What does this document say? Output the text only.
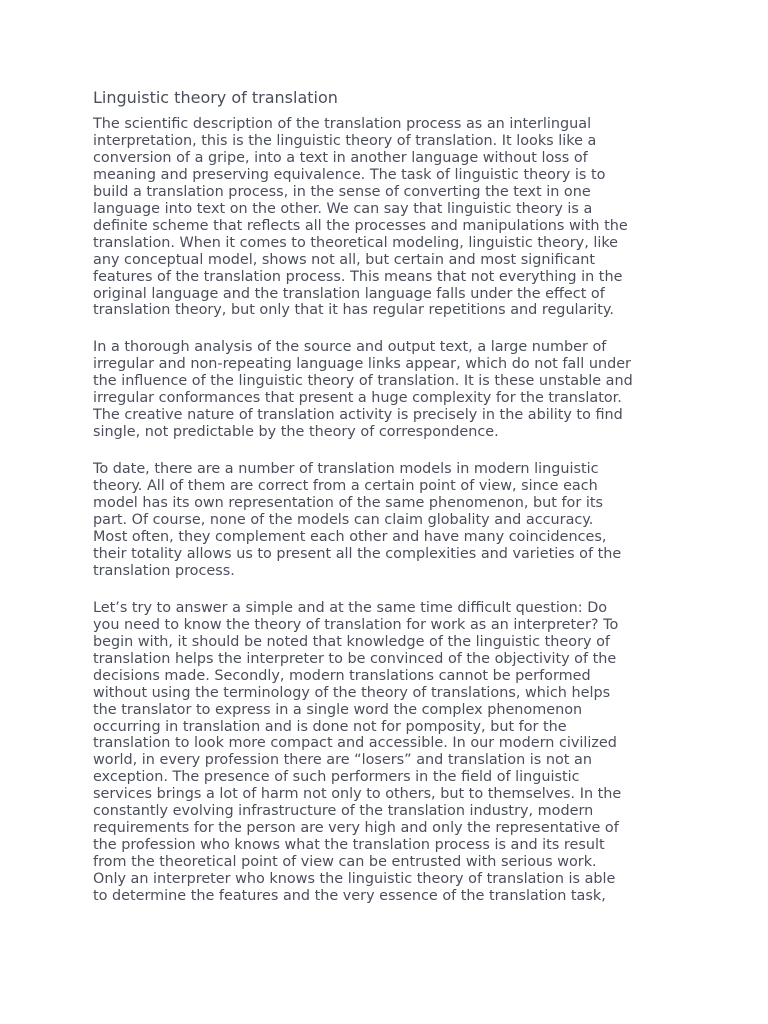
Linguistic theory of translation

The scientific description of the translation process as an interlingual
interpretation, this is the linguistic theory of translation. It looks like a
conversion of a gripe, into a text in another language without loss of
meaning and preserving equivalence. The task of linguistic theory is to
build a translation process, in the sense of converting the text in one
language into text on the other. We can say that linguistic theory is a
definite scheme that reflects all the processes and manipulations with the
translation. When it comes to theoretical modeling, linguistic theory, like
any conceptual model, shows not all, but certain and most significant
features of the translation process. This means that not everything in the
original language and the translation language falls under the effect of
translation theory, but only that it has regular repetitions and regularity.

In a thorough analysis of the source and output text, a large number of
irregular and non-repeating language links appear, which do not fall under
the influence of the linguistic theory of translation. It is these unstable and
irregular conformances that present a huge complexity for the translator.
The creative nature of translation activity is precisely in the ability to find
single, not predictable by the theory of correspondence.

To date, there are a number of translation models in modern linguistic
theory. All of them are correct from a certain point of view, since each
model has its own representation of the same phenomenon, but for its
part. Of course, none of the models can claim globality and accuracy.
Most often, they complement each other and have many coincidences,
their totality allows us to present all the complexities and varieties of the
translation process.

Let’s try to answer a simple and at the same time difficult question: Do
you need to know the theory of translation for work as an interpreter? To
begin with, it should be noted that knowledge of the linguistic theory of
translation helps the interpreter to be convinced of the objectivity of the
decisions made. Secondly, modern translations cannot be performed
without using the terminology of the theory of translations, which helps
the translator to express in a single word the complex phenomenon
occurring in translation and is done not for pomposity, but for the
translation to look more compact and accessible. In our modern civilized
world, in every profession there are “losers” and translation is not an
exception. The presence of such performers in the field of linguistic
services brings a lot of harm not only to others, but to themselves. In the
constantly evolving infrastructure of the translation industry, modern
requirements for the person are very high and only the representative of
the profession who knows what the translation process is and its result
from the theoretical point of view can be entrusted with serious work.
Only an interpreter who knows the linguistic theory of translation is able
to determine the features and the very essence of the translation task,
